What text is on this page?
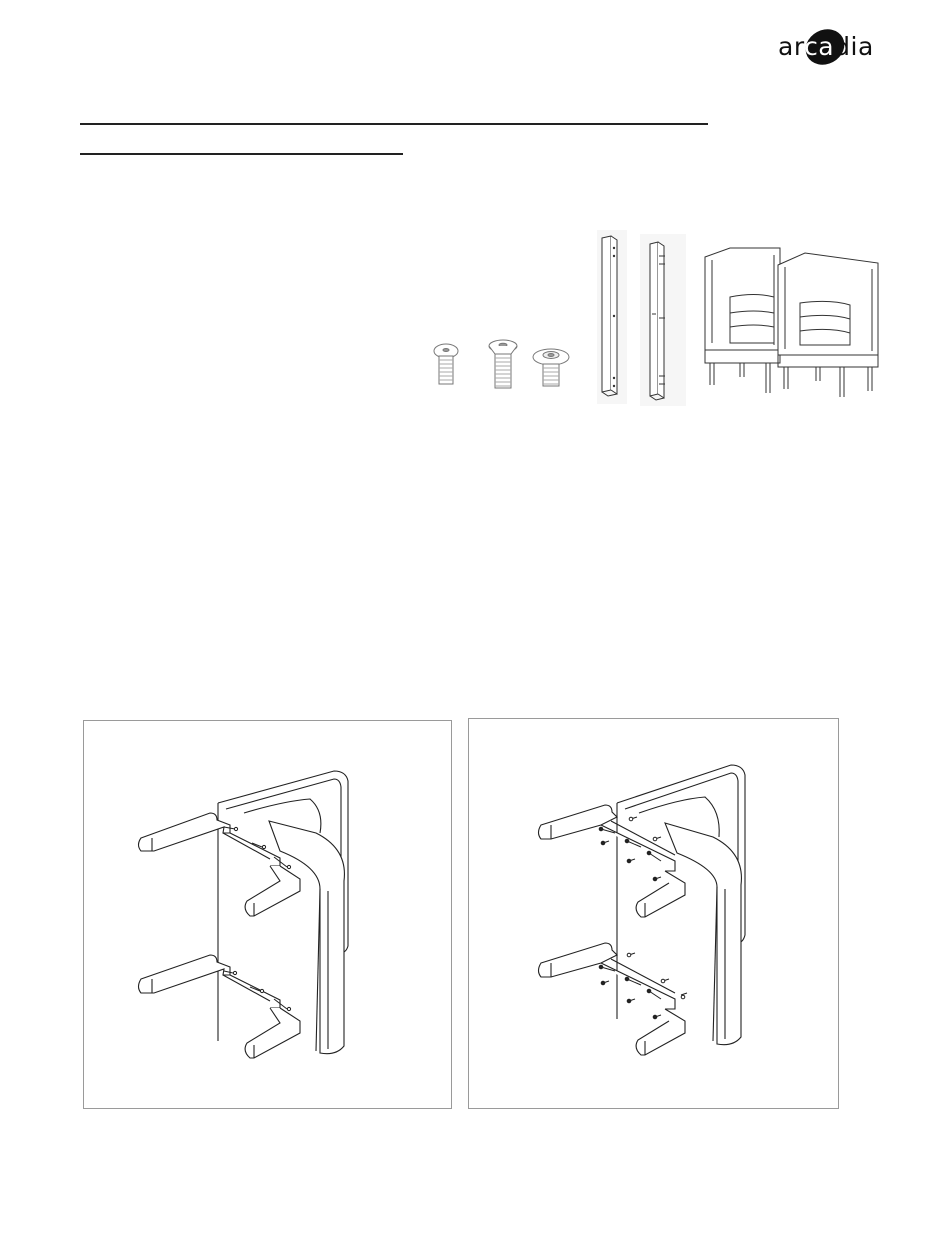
arcadia
